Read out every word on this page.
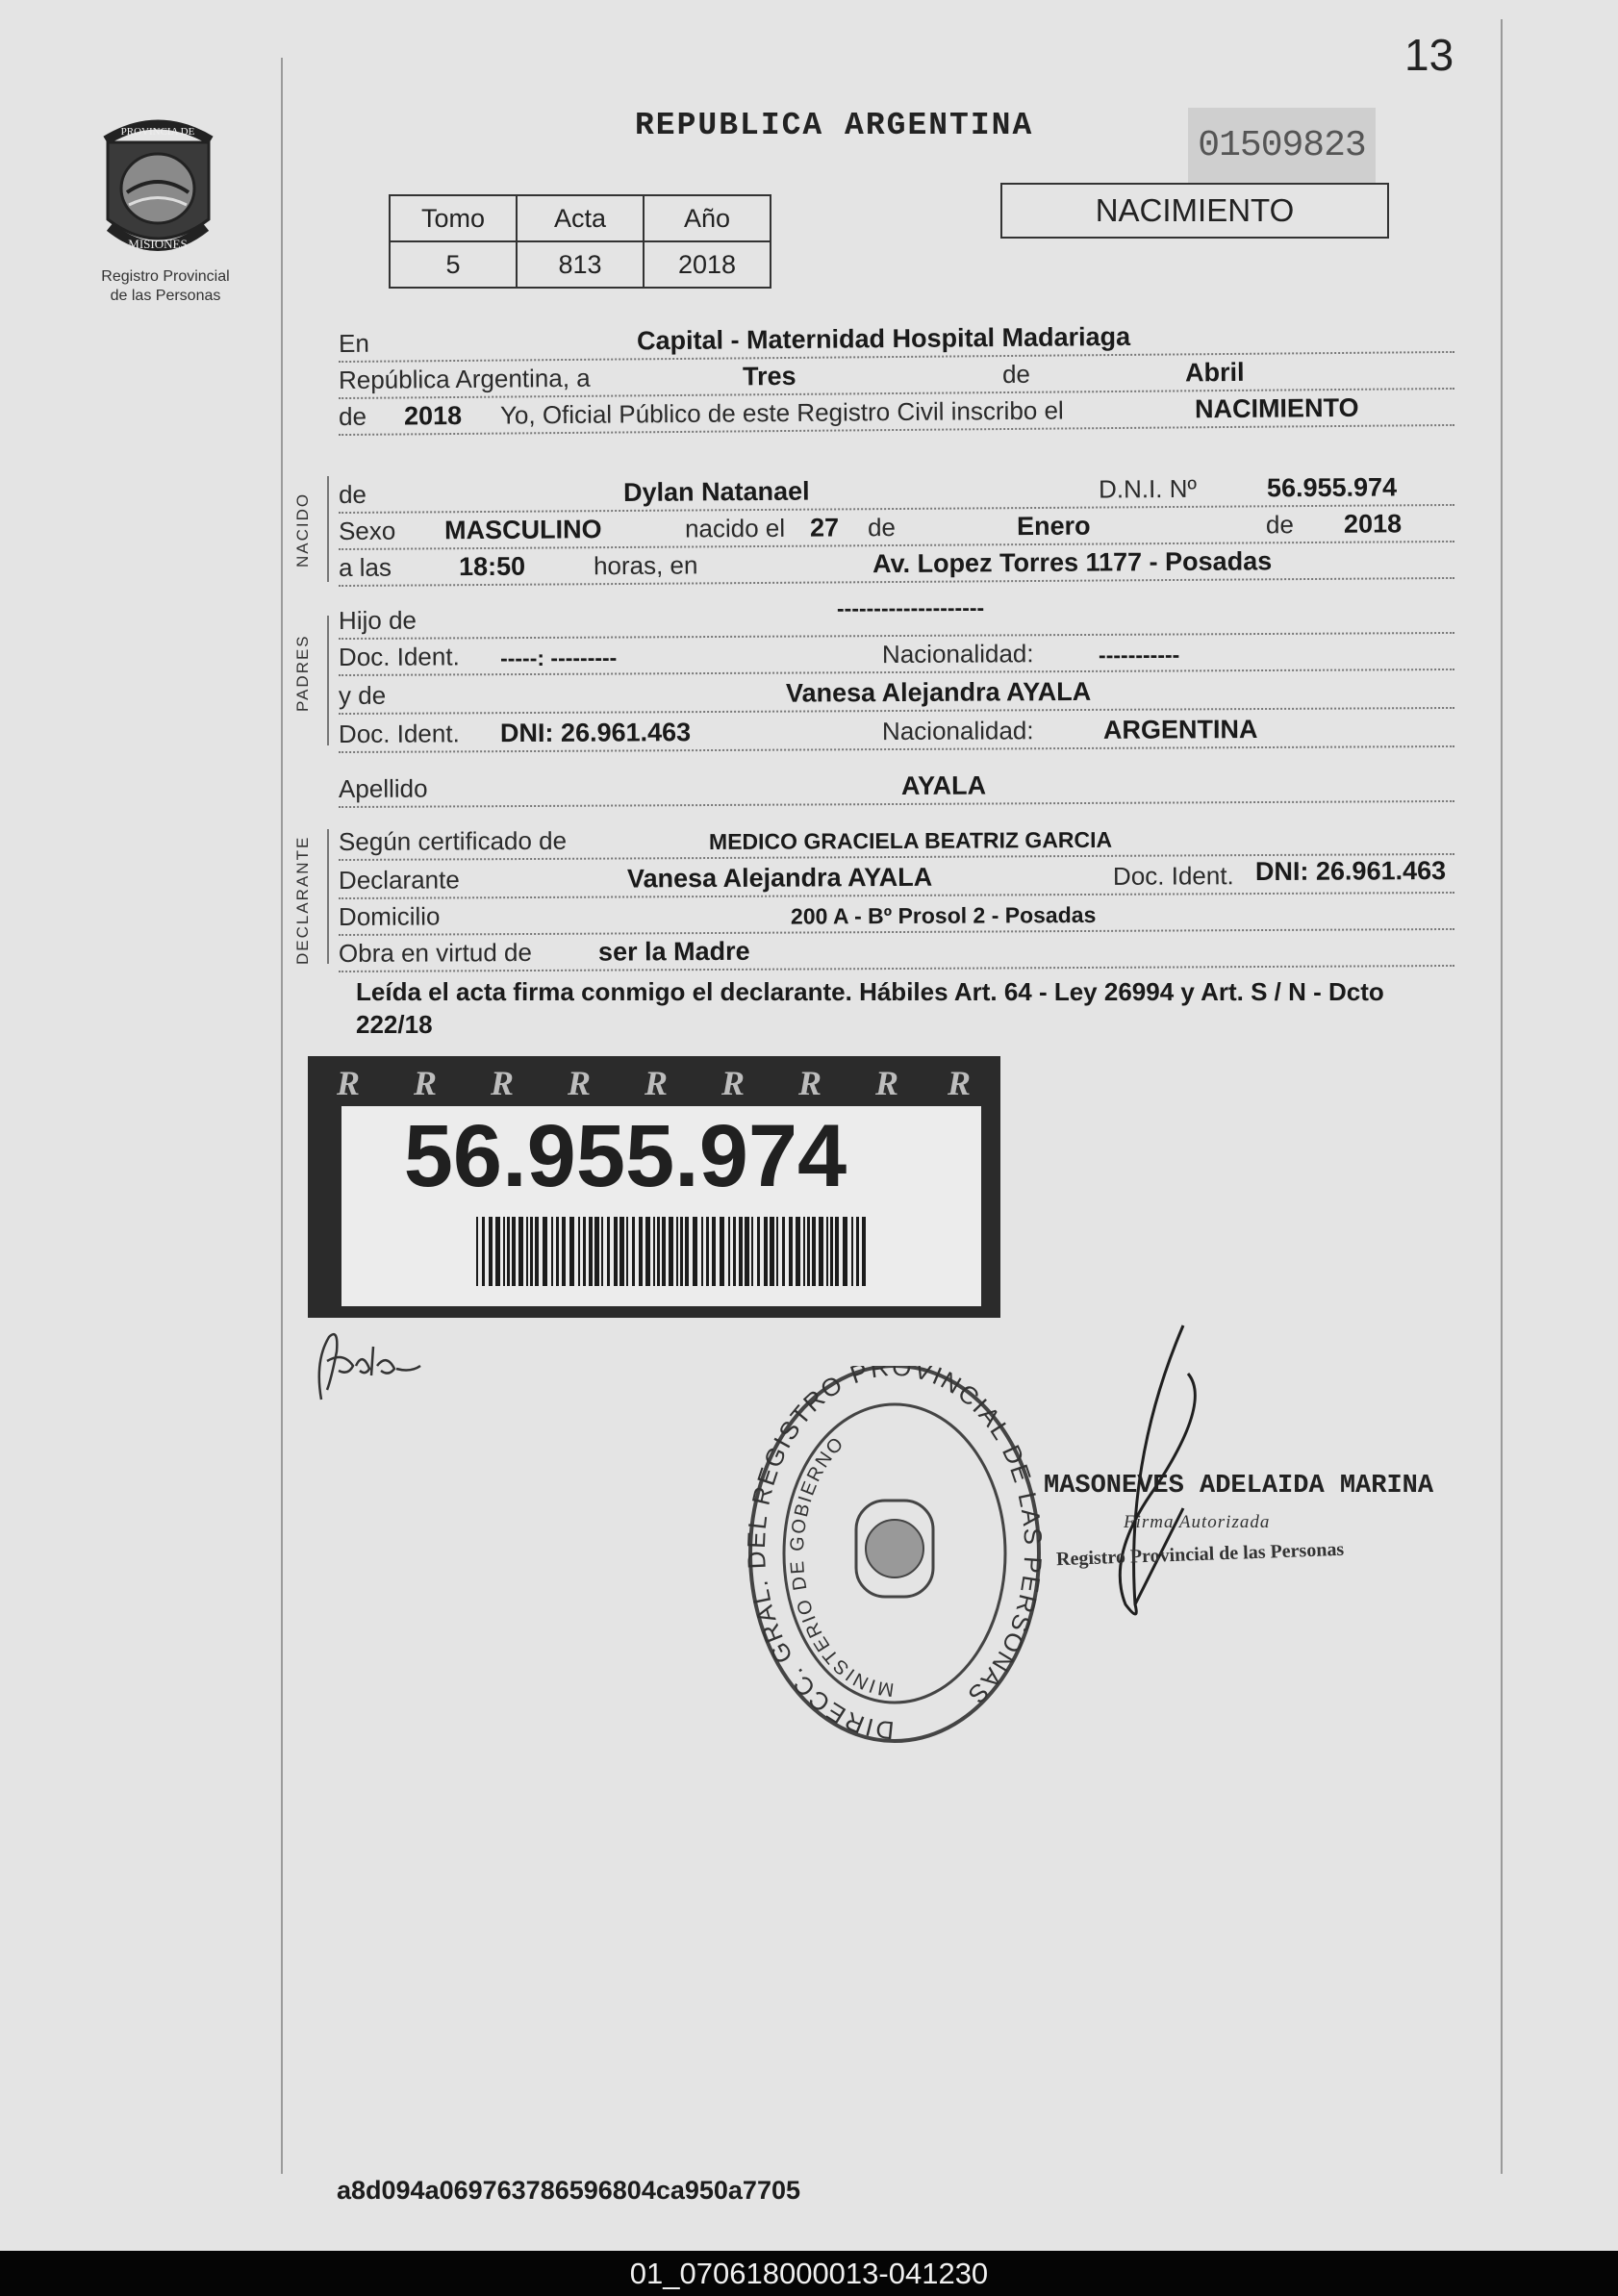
13
PROVINCIA DE
MISIONES
Registro Provincial
de las Personas
REPUBLICA ARGENTINA	01509823
NACIMIENTO
Tomo	Acta	Año
5	813	2018
En	Capital - Maternidad Hospital Madariaga
República Argentina, a	Tres	de	Abril
de 2018 Yo, Oficial Público de este Registro Civil inscribo el	NACIMIENTO
NACIDO de	Dylan Natanael	D.N.I. Nº	56.955.974
Sexo MASCULINO	nacido el 27 de	Enero	de 2018
a las	18:50	horas, en	Av. Lopez Torres 1177 - Posadas
PADRES
Hijo de	--------------------
Doc. Ident. -----: ---------	Nacionalidad:	-----------
y de	Vanesa Alejandra AYALA
Doc. Ident. DNI: 26.961.463	Nacionalidad:	ARGENTINA
Apellido	AYALA
DECLARANTE Según certificado de	MEDICO GRACIELA BEATRIZ GARCIA
Declarante	Vanesa Alejandra AYALA	Doc. Ident. DNI: 26.961.463
Domicilio	200 A - Bº Prosol 2 - Posadas
Obra en virtud de	ser la Madre
Leída el acta firma conmigo el declarante. Hábiles Art. 64 - Ley 26994 y Art. S / N - Dcto 222/18
R R R R R R R R R
56.955.974
DIRECC. GRAL. DEL REGISTRO PROVINCIAL DE LAS PERSONAS
MINISTERIO DE GOBIERNO
MASONEVES ADELAIDA MARINA
Firma Autorizada
Registro Provincial de las Personas
a8d094a069763786596804ca950a7705
01_070618000013-041230
